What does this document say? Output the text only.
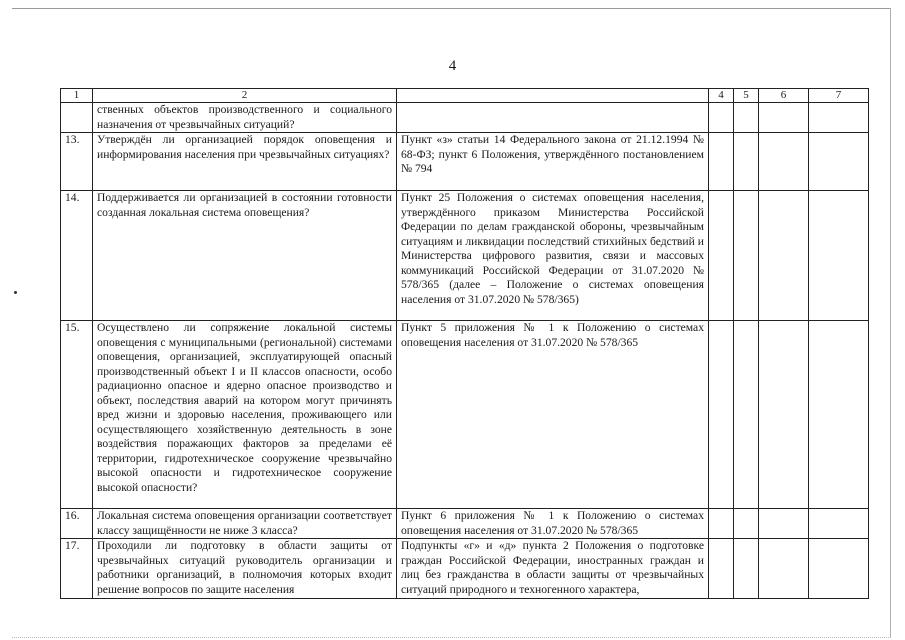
4
1	2		4	5	6	7
	ственных объектов производственного и социального назначения от чрезвычайных ситуаций?					
13.	Утверждён ли организацией порядок оповещения и информирования населения при чрезвычайных ситуациях?	Пункт «з» статьи 14 Федерального закона от 21.12.1994 № 68-ФЗ; пункт 6 Положения, утверждённого постановлением № 794				
14.	Поддерживается ли организацией в состоянии готовности созданная локальная система оповещения?	Пункт 25 Положения о системах оповещения населения, утверждённого приказом Министерства Российской Федерации по делам гражданской обороны, чрезвычайным ситуациям и ликвидации последствий стихийных бедствий и Министерства цифрового развития, связи и массовых коммуникаций Российской Федерации от 31.07.2020 № 578/365 (далее – Положение о системах оповещения населения от 31.07.2020 № 578/365)				
15.	Осуществлено ли сопряжение локальной системы оповещения с муниципальными (региональной) системами оповещения, организацией, эксплуатирующей опасный производственный объект I и II классов опасности, особо радиационно опасное и ядерно опасное производство и объект, последствия аварий на котором могут причинять вред жизни и здоровью населения, проживающего или осуществляющего хозяйственную деятельность в зоне воздействия поражающих факторов за пределами её территории, гидротехническое сооружение чрезвычайно высокой опасности и гидротехническое сооружение высокой опасности?	Пункт 5 приложения № 1 к Положению о системах оповещения населения от 31.07.2020 № 578/365				
16.	Локальная система оповещения организации соответствует классу защищённости не ниже 3 класса?	Пункт 6 приложения № 1 к Положению о системах оповещения населения от 31.07.2020 № 578/365				
17.	Проходили ли подготовку в области защиты от чрезвычайных ситуаций руководитель организации и работники организаций, в полномочия которых входит решение вопросов по защите населения	Подпункты «г» и «д» пункта 2 Положения о подготовке граждан Российской Федерации, иностранных граждан и лиц без гражданства в области защиты от чрезвычайных ситуаций природного и техногенного характера,				
